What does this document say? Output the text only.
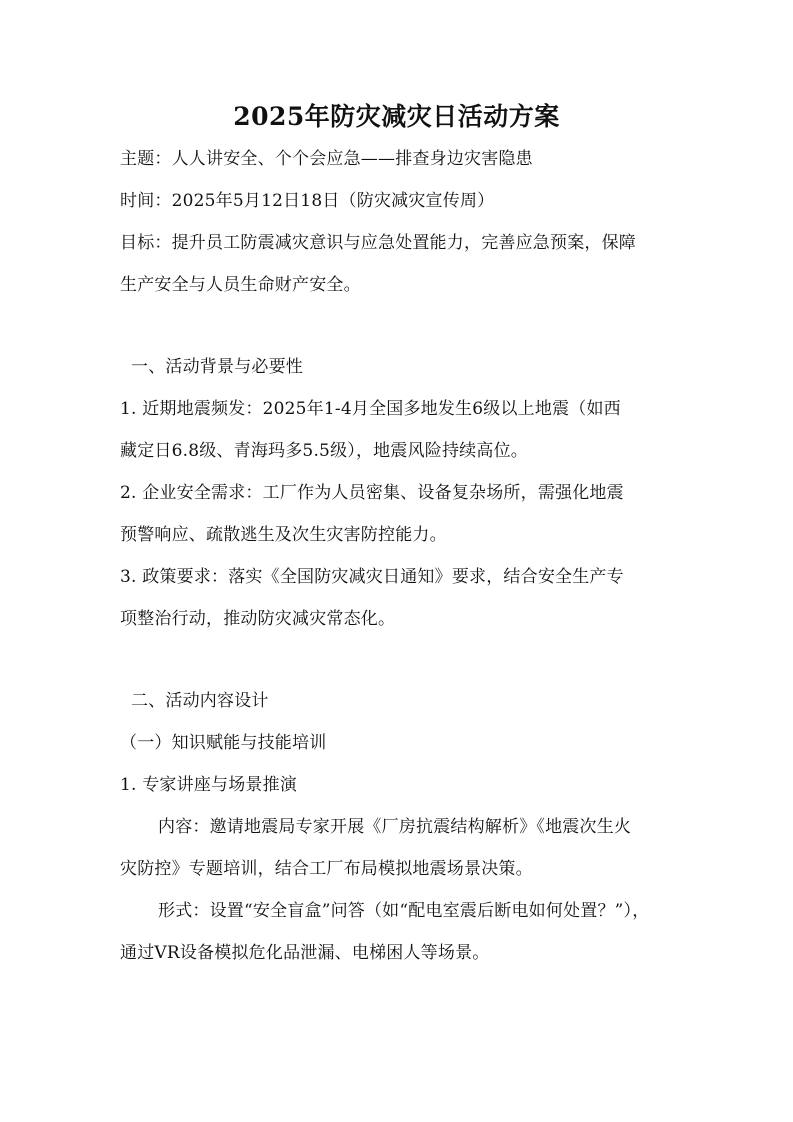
2025年防灾减灾日活动方案
主题：人人讲安全、个个会应急——排查身边灾害隐患
时间：2025年5月12日18日（防灾减灾宣传周）
目标：提升员工防震减灾意识与应急处置能力，完善应急预案，保障
生产安全与人员生命财产安全。
一、活动背景与必要性
1. 近期地震频发：2025年1-4月全国多地发生6级以上地震（如西
藏定日6.8级、青海玛多5.5级），地震风险持续高位。
2. 企业安全需求：工厂作为人员密集、设备复杂场所，需强化地震
预警响应、疏散逃生及次生灾害防控能力。
3. 政策要求：落实《全国防灾减灾日通知》要求，结合安全生产专
项整治行动，推动防灾减灾常态化。
二、活动内容设计
（一）知识赋能与技能培训
1. 专家讲座与场景推演
内容：邀请地震局专家开展《厂房抗震结构解析》《地震次生火
灾防控》专题培训，结合工厂布局模拟地震场景决策。
形式：设置“安全盲盒”问答（如“配电室震后断电如何处置？”），
通过VR设备模拟危化品泄漏、电梯困人等场景。
